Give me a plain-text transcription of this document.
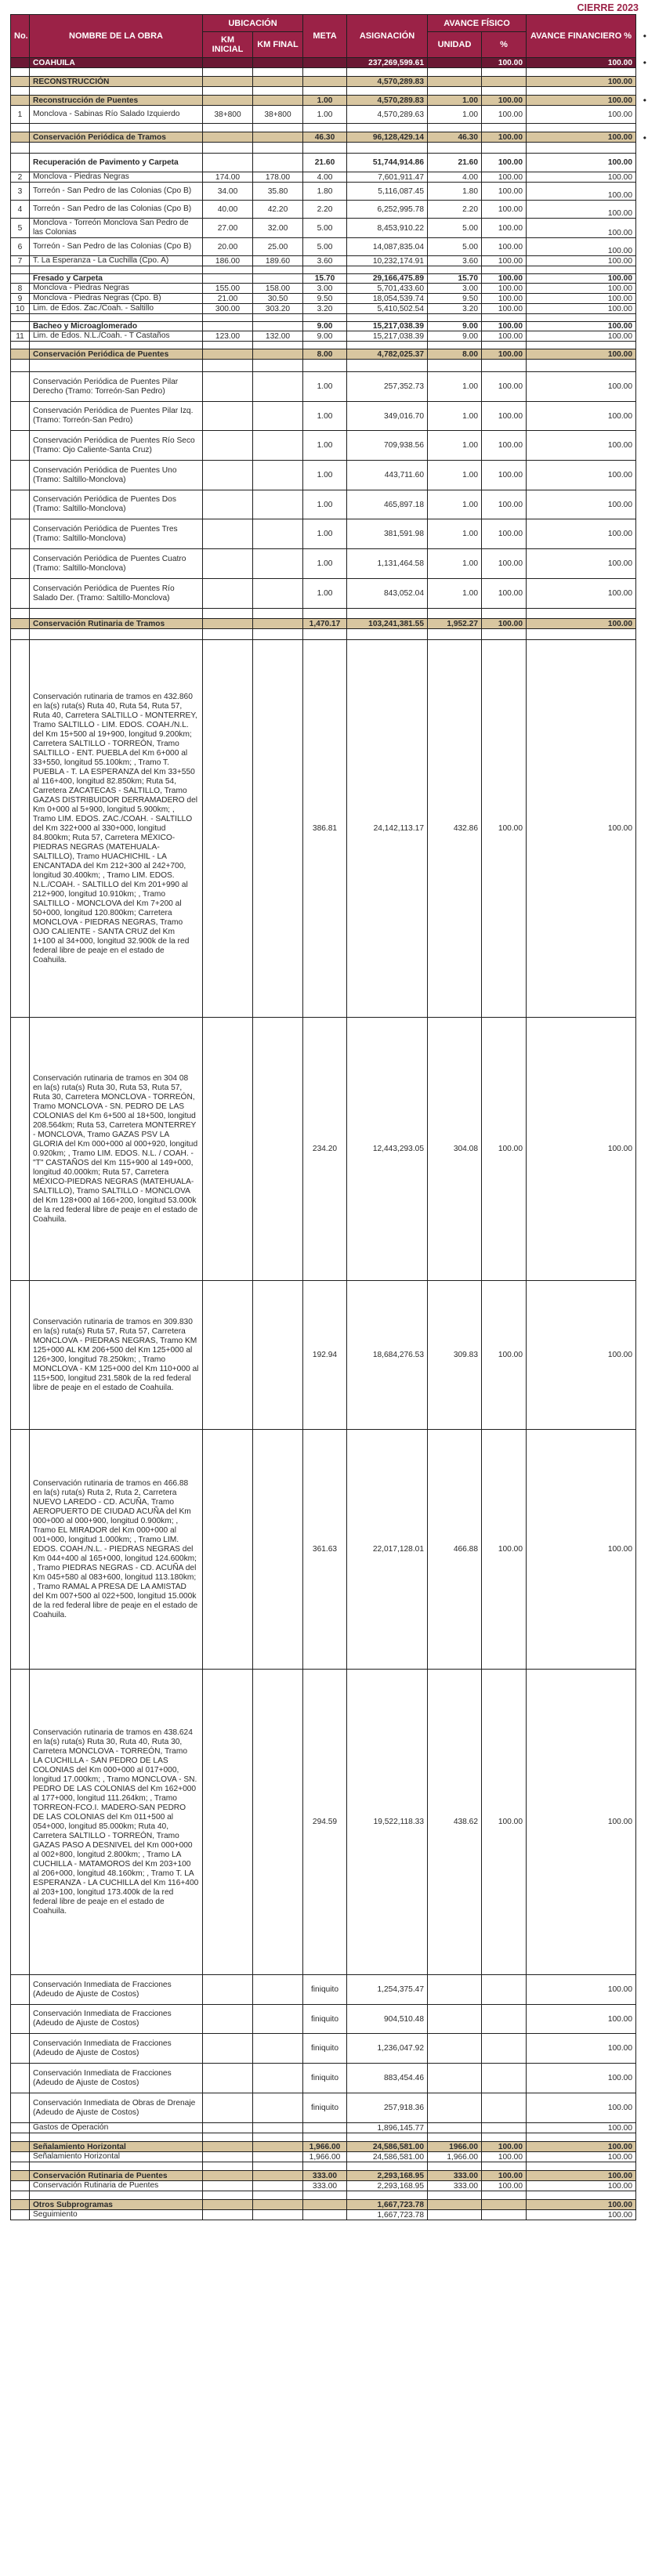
CIERRE 2023
•
•
•
•
No.	NOMBRE DE LA OBRA	UBICACIÓN		META	ASIGNACIÓN	AVANCE FÍSICO		AVANCE FINANCIERO %
		KM INICIAL	KM FINAL			UNIDAD	%	
	COAHUILA				237,269,599.61		100.00	100.00

	RECONSTRUCCIÓN				4,570,289.83			100.00

	Reconstrucción de Puentes			1.00	4,570,289.83	1.00	100.00	100.00
1	Monclova - Sabinas Río Salado Izquierdo	38+800	38+800	1.00	4,570,289.63	1.00	100.00	100.00

	Conservación Periódica de Tramos			46.30	96,128,429.14	46.30	100.00	100.00

	Recuperación de Pavimento y Carpeta			21.60	51,744,914.86	21.60	100.00	100.00
2	Monclova - Piedras Negras	174.00	178.00	4.00	7,601,911.47	4.00	100.00	100.00
3	Torreón - San Pedro de las Colonias (Cpo B)	34.00	35.80	1.80	5,116,087.45	1.80	100.00	100.00
4	Torreón - San Pedro de las Colonias (Cpo B)	40.00	42.20	2.20	6,252,995.78	2.20	100.00	100.00
5	Monclova - Torreón Monclova San Pedro de las Colonias	27.00	32.00	5.00	8,453,910.22	5.00	100.00	100.00
6	Torreón - San Pedro de las Colonias (Cpo B)	20.00	25.00	5.00	14,087,835.04	5.00	100.00	100.00
7	T. La Esperanza - La Cuchilla (Cpo. A)	186.00	189.60	3.60	10,232,174.91	3.60	100.00	100.00

	Fresado y Carpeta			15.70	29,166,475.89	15.70	100.00	100.00
8	Monclova - Piedras Negras	155.00	158.00	3.00	5,701,433.60	3.00	100.00	100.00
9	Monclova - Piedras Negras (Cpo. B)	21.00	30.50	9.50	18,054,539.74	9.50	100.00	100.00
10	Lim. de Edos. Zac./Coah. - Saltillo	300.00	303.20	3.20	5,410,502.54	3.20	100.00	100.00

	Bacheo y Microaglomerado			9.00	15,217,038.39	9.00	100.00	100.00
11	Lim. de Edos. N.L./Coah. - T Castaños	123.00	132.00	9.00	15,217,038.39	9.00	100.00	100.00

	Conservación Periódica de Puentes			8.00	4,782,025.37	8.00	100.00	100.00

	Conservación Periódica de Puentes Pilar Derecho (Tramo: Torreón-San Pedro)			1.00	257,352.73	1.00	100.00	100.00
	Conservación Periódica de Puentes Pilar Izq. (Tramo: Torreón-San Pedro)			1.00	349,016.70	1.00	100.00	100.00
	Conservación Periódica de Puentes Río Seco (Tramo: Ojo Caliente-Santa Cruz)			1.00	709,938.56	1.00	100.00	100.00
	Conservación Periódica de Puentes Uno (Tramo: Saltillo-Monclova)			1.00	443,711.60	1.00	100.00	100.00
	Conservación Periódica de Puentes Dos (Tramo: Saltillo-Monclova)			1.00	465,897.18	1.00	100.00	100.00
	Conservación Periódica de Puentes Tres (Tramo: Saltillo-Monclova)			1.00	381,591.98	1.00	100.00	100.00
	Conservación Periódica de Puentes Cuatro (Tramo: Saltillo-Monclova)			1.00	1,131,464.58	1.00	100.00	100.00
	Conservación Periódica de Puentes Río Salado Der. (Tramo: Saltillo-Monclova)			1.00	843,052.04	1.00	100.00	100.00

	Conservación Rutinaria de Tramos			1,470.17	103,241,381.55	1,952.27	100.00	100.00

	Conservación rutinaria de tramos en 432.860 en la(s) ruta(s) Ruta 40, Ruta 54, Ruta 57, Ruta 40, Carretera SALTILLO - MONTERREY, Tramo SALTILLO - LIM. EDOS. COAH./N.L. del Km 15+500 al 19+900, longitud 9.200km; Carretera SALTILLO - TORREÓN, Tramo SALTILLO - ENT. PUEBLA del Km 6+000 al 33+550, longitud 55.100km; , Tramo T. PUEBLA - T. LA ESPERANZA del Km 33+550 al 116+400, longitud 82.850km; Ruta 54, Carretera ZACATECAS - SALTILLO, Tramo GAZAS DISTRIBUIDOR DERRAMADERO del Km 0+000 al 5+900, longitud 5.900km; , Tramo LIM. EDOS. ZAC./COAH. - SALTILLO del Km 322+000 al 330+000, longitud 84.800km; Ruta 57, Carretera MÉXICO-PIEDRAS NEGRAS (MATEHUALA-SALTILLO), Tramo HUACHICHIL - LA ENCANTADA del Km 212+300 al 242+700, longitud 30.400km; , Tramo LIM. EDOS. N.L./COAH. - SALTILLO del Km 201+990 al 212+900, longitud 10.910km; , Tramo SALTILLO - MONCLOVA del Km 7+200 al 50+000, longitud 120.800km; Carretera MONCLOVA - PIEDRAS NEGRAS, Tramo OJO CALIENTE - SANTA CRUZ del Km 1+100 al 34+000, longitud 32.900k de la red federal libre de peaje en el estado de Coahuila.			386.81	24,142,113.17	432.86	100.00	100.00
	Conservación rutinaria de tramos en 304 08 en la(s) ruta(s) Ruta 30, Ruta 53, Ruta 57, Ruta 30, Carretera MONCLOVA - TORREÓN, Tramo MONCLOVA - SN. PEDRO DE LAS COLONIAS del Km 6+500 al 18+500, longitud 208.564km; Ruta 53, Carretera MONTERREY - MONCLOVA, Tramo GAZAS PSV LA GLORIA del Km 000+000 al 000+920, longitud 0.920km; , Tramo LIM. EDOS. N.L. / COAH. - "T" CASTAÑOS del Km 115+900 al 149+000, longitud 40.000km; Ruta 57, Carretera MÉXICO-PIEDRAS NEGRAS (MATEHUALA-SALTILLO), Tramo SALTILLO - MONCLOVA del Km 128+000 al 166+200, longitud 53.000k de la red federal libre de peaje en el estado de Coahuila.			234.20	12,443,293.05	304.08	100.00	100.00
	Conservación rutinaria de tramos en 309.830 en la(s) ruta(s) Ruta 57, Ruta 57, Carretera MONCLOVA - PIEDRAS NEGRAS, Tramo KM 125+000 AL KM 206+500 del Km 125+000 al 126+300, longitud 78.250km; , Tramo MONCLOVA - KM 125+000 del Km 110+000 al 115+500, longitud 231.580k de la red federal libre de peaje en el estado de Coahuila.			192.94	18,684,276.53	309.83	100.00	100.00
	Conservación rutinaria de tramos en 466.88 en la(s) ruta(s) Ruta 2, Ruta 2, Carretera NUEVO LAREDO - CD. ACUÑA, Tramo AEROPUERTO DE CIUDAD ACUÑA del Km 000+000 al 000+900, longitud 0.900km; , Tramo EL MIRADOR del Km 000+000 al 001+000, longitud 1.000km; , Tramo LIM. EDOS. COAH./N.L. - PIEDRAS NEGRAS del Km 044+400 al 165+000, longitud 124.600km; , Tramo PIEDRAS NEGRAS - CD. ACUÑA del Km 045+580 al 083+600, longitud 113.180km; , Tramo RAMAL A PRESA DE LA AMISTAD del Km 007+500 al 022+500, longitud 15.000k de la red federal libre de peaje en el estado de Coahuila.			361.63	22,017,128.01	466.88	100.00	100.00
	Conservación rutinaria de tramos en 438.624 en la(s) ruta(s) Ruta 30, Ruta 40, Ruta 30, Carretera MONCLOVA - TORREÓN, Tramo LA CUCHILLA - SAN PEDRO DE LAS COLONIAS del Km 000+000 al 017+000, longitud 17.000km; , Tramo MONCLOVA - SN. PEDRO DE LAS COLONIAS del Km 162+000 al 177+000, longitud 111.264km; , Tramo TORREON-FCO.I. MADERO-SAN PEDRO DE LAS COLONIAS del Km 011+500 al 054+000, longitud 85.000km; Ruta 40, Carretera SALTILLO - TORREÓN, Tramo GAZAS PASO A DESNIVEL del Km 000+000 al 002+800, longitud 2.800km; , Tramo LA CUCHILLA - MATAMOROS del Km 203+100 al 206+000, longitud 48.160km; , Tramo T. LA ESPERANZA - LA CUCHILLA del Km 116+400 al 203+100, longitud 173.400k de la red federal libre de peaje en el estado de Coahuila.			294.59	19,522,118.33	438.62	100.00	100.00
	Conservación Inmediata de Fracciones (Adeudo de Ajuste de Costos)			finiquito	1,254,375.47			100.00
	Conservación Inmediata de Fracciones (Adeudo de Ajuste de Costos)			finiquito	904,510.48			100.00
	Conservación Inmediata de Fracciones (Adeudo de Ajuste de Costos)			finiquito	1,236,047.92			100.00
	Conservación Inmediata de Fracciones (Adeudo de Ajuste de Costos)			finiquito	883,454.46			100.00
	Conservación Inmediata de Obras de Drenaje (Adeudo de Ajuste de Costos)			finiquito	257,918.36			100.00
	Gastos de Operación				1,896,145.77			100.00

	Señalamiento Horizontal			1,966.00	24,586,581.00	1966.00	100.00	100.00
	Señalamiento Horizontal			1,966.00	24,586,581.00	1,966.00	100.00	100.00

	Conservación Rutinaria de Puentes			333.00	2,293,168.95	333.00	100.00	100.00
	Conservación Rutinaria de Puentes			333.00	2,293,168.95	333.00	100.00	100.00

	Otros Subprogramas				1,667,723.78			100.00
	Seguimiento				1,667,723.78			100.00
